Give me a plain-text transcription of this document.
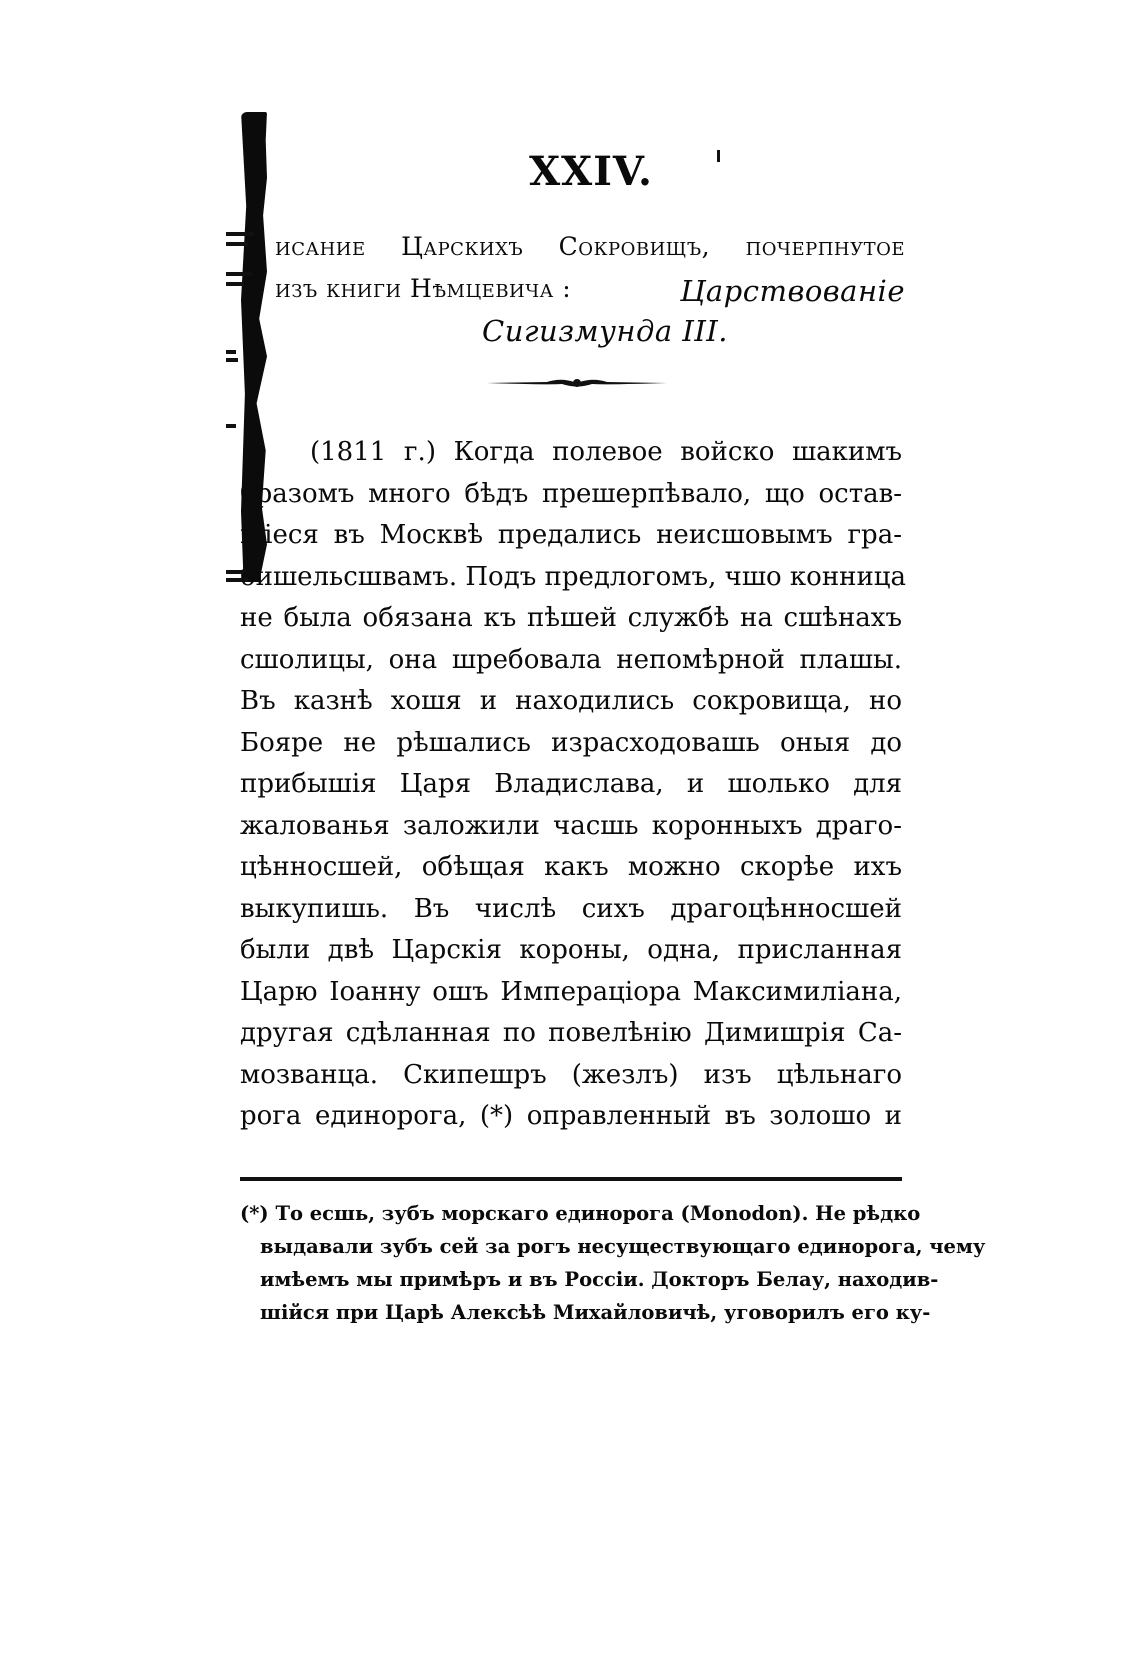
XXIV.
исание Царскихъ Сокровищъ, почерпнутое
изъ книги Нѣмцевича :	Царствованіе
Сигизмунда III.
(1811 г.) Когда полевое войско шакимъ
бразомъ много бѣдъ прешерпѣвало, що остав-
шіеся въ Москвѣ предались неисшовымъ гра-
бишельсшвамъ. Подъ предлогомъ, чшо конница
не была обязана къ пѣшей службѣ на сшѣнахъ
сшолицы, она шребовала непомѣрной плашы.
Въ казнѣ хошя и находились сокровища, но
Бояре не рѣшались израсходовашь оныя до
прибышія Царя Владислава, и шолько для
жалованья заложили часшь коронныхъ драго-
цѣнносшей, обѣщая какъ можно скорѣе ихъ
выкупишь. Въ числѣ сихъ драгоцѣнносшей
были двѣ Царскія короны, одна, присланная
Царю Іоанну ошъ Импераціора Максимиліана,
другая сдѣланная по повелѣнію Димишрія Са-
мозванца. Скипешръ (жезлъ) изъ цѣльнаго
рога единорога, (*) оправленный въ золошо и
(*) То есшь, зубъ морскаго единорога (Monodon). Не рѣдко
выдавали зубъ сей за рогъ несуществующаго единорога, чему
имѣемъ мы примѣръ и въ Россіи. Докторъ Белау, находив-
шійся при Царѣ Алексѣѣ Михайловичѣ, уговорилъ его ку-
